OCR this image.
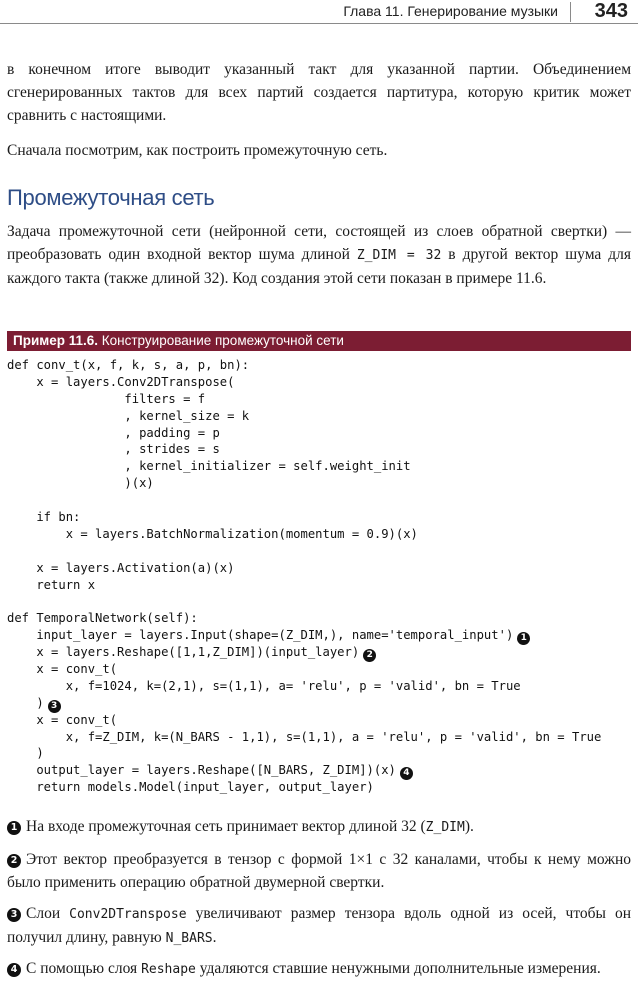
Глава 11. Генерирование музыки 343

в конечном итоге выводит указанный такт для указанной партии. Объединением сгенерированных тактов для всех партий создается партитура, которую критик может сравнить с настоящими.

Сначала посмотрим, как построить промежуточную сеть.

Промежуточная сеть

Задача промежуточной сети (нейронной сети, состоящей из слоев обратной свертки) — преобразовать один входной вектор шума длиной Z_DIM = 32 в другой вектор шума для каждого такта (также длиной 32). Код создания этой сети показан в примере 11.6.

Пример 11.6. Конструирование промежуточной сети
def conv_t(x, f, k, s, a, p, bn):
x = layers.Conv2DTranspose(
filters = f
, kernel_size = k
, padding = p
, strides = s
, kernel_initializer = self.weight_init
)(x)
if bn:
x = layers.BatchNormalization(momentum = 0.9)(x)
x = layers.Activation(a)(x)
return x
def TemporalNetwork(self):
input_layer = layers.Input(shape=(Z_DIM,), name='temporal_input') 1
x = layers.Reshape([1,1,Z_DIM])(input_layer) 2
x = conv_t(
x, f=1024, k=(2,1), s=(1,1), a= 'relu', p = 'valid', bn = True
) 3
x = conv_t(
x, f=Z_DIM, k=(N_BARS - 1,1), s=(1,1), a = 'relu', p = 'valid', bn = True
)
output_layer = layers.Reshape([N_BARS, Z_DIM])(x) 4
return models.Model(input_layer, output_layer)

1 На входе промежуточная сеть принимает вектор длиной 32 (Z_DIM).

2 Этот вектор преобразуется в тензор с формой 1×1 с 32 каналами, чтобы к нему можно было применить операцию обратной двумерной свертки.

3 Слои Conv2DTranspose увеличивают размер тензора вдоль одной из осей, чтобы он получил длину, равную N_BARS.

4 С помощью слоя Reshape удаляются ставшие ненужными дополнительные измерения.
